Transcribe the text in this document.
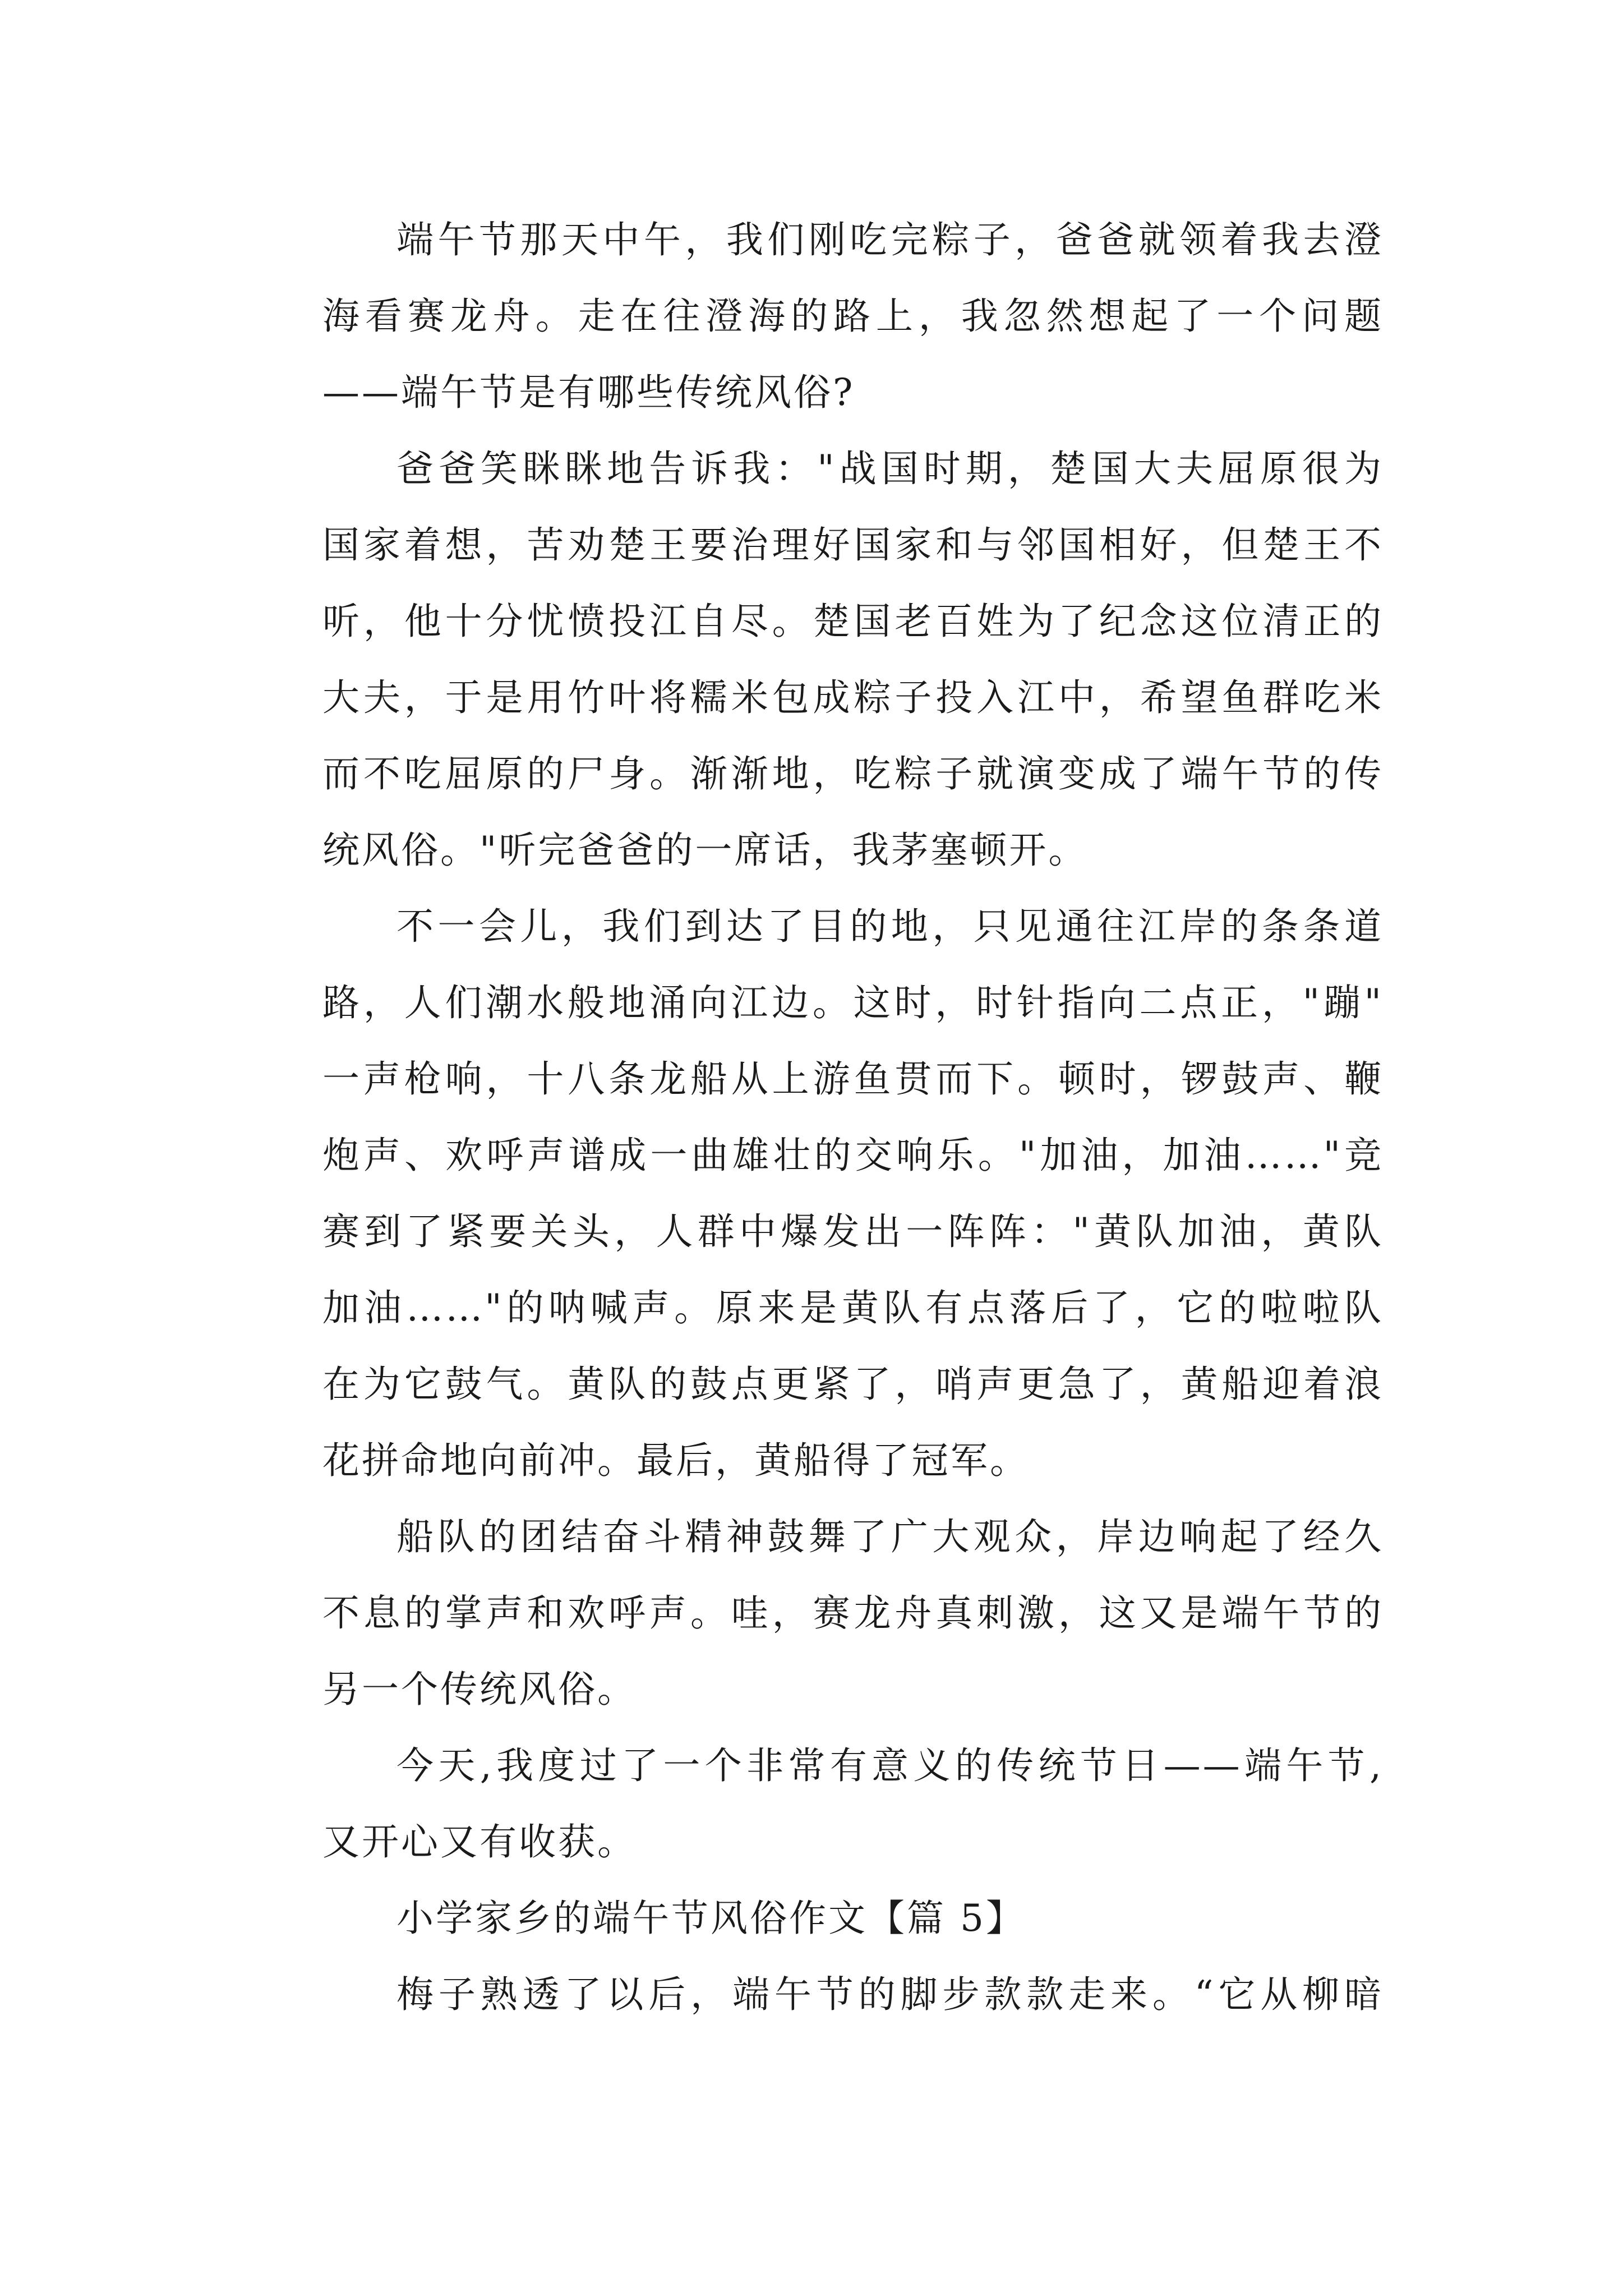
端午节那天中午，我们刚吃完粽子，爸爸就领着我去澄
海看赛龙舟。走在往澄海的路上，我忽然想起了一个问题
——端午节是有哪些传统风俗?
爸爸笑眯眯地告诉我："战国时期，楚国大夫屈原很为
国家着想，苦劝楚王要治理好国家和与邻国相好，但楚王不
听，他十分忧愤投江自尽。楚国老百姓为了纪念这位清正的
大夫，于是用竹叶将糯米包成粽子投入江中，希望鱼群吃米
而不吃屈原的尸身。渐渐地，吃粽子就演变成了端午节的传
统风俗。"听完爸爸的一席话，我茅塞顿开。
不一会儿，我们到达了目的地，只见通往江岸的条条道
路，人们潮水般地涌向江边。这时，时针指向二点正，"蹦"
一声枪响，十八条龙船从上游鱼贯而下。顿时，锣鼓声、鞭
炮声、欢呼声谱成一曲雄壮的交响乐。"加油，加油……"竞
赛到了紧要关头，人群中爆发出一阵阵："黄队加油，黄队
加油……"的呐喊声。原来是黄队有点落后了，它的啦啦队
在为它鼓气。黄队的鼓点更紧了，哨声更急了，黄船迎着浪
花拼命地向前冲。最后，黄船得了冠军。
船队的团结奋斗精神鼓舞了广大观众，岸边响起了经久
不息的掌声和欢呼声。哇，赛龙舟真刺激，这又是端午节的
另一个传统风俗。
今天,我度过了一个非常有意义的传统节日——端午节,
又开心又有收获。
小学家乡的端午节风俗作文【篇 5】
梅子熟透了以后，端午节的脚步款款走来。“它从柳暗
